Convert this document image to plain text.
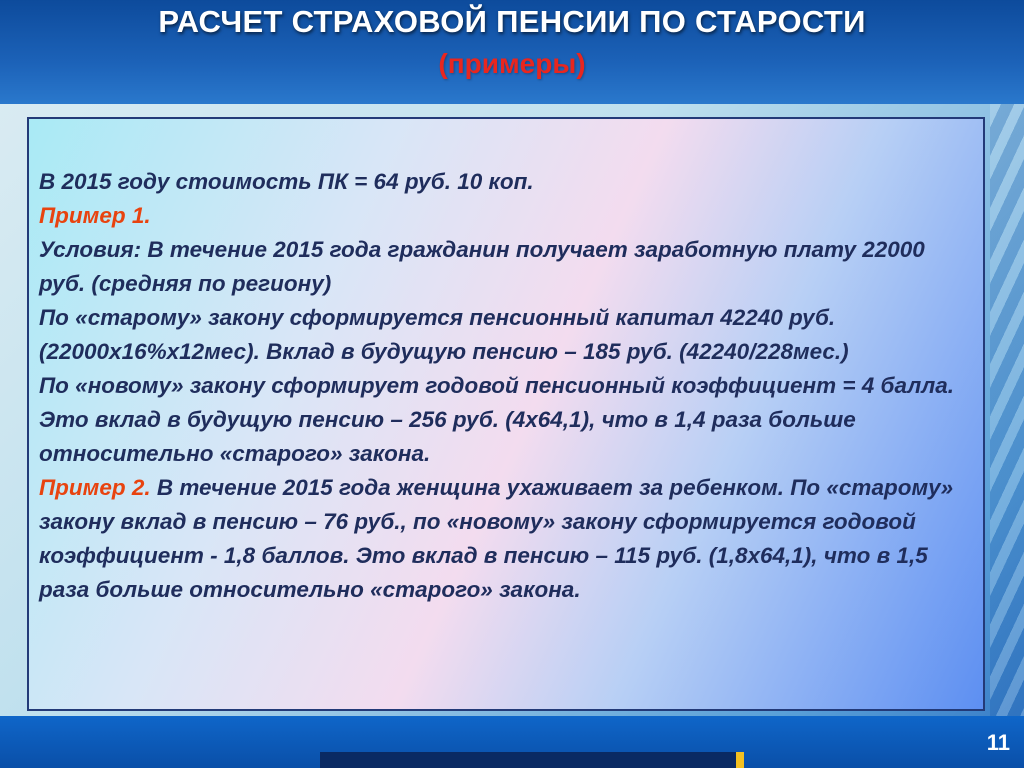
РАСЧЕТ СТРАХОВОЙ ПЕНСИИ ПО СТАРОСТИ
(примеры)

В 2015 году стоимость ПК = 64 руб. 10 коп.

Пример 1.

Условия: В течение 2015 года гражданин получает заработную плату 22000 руб. (средняя по региону)

По «старому» закону сформируется пенсионный капитал 42240 руб.(22000х16%х12мес). Вклад в будущую пенсию – 185 руб. (42240/228мес.)

По «новому» закону сформирует годовой пенсионный коэффициент = 4 балла. Это вклад в будущую пенсию – 256 руб. (4х64,1), что в 1,4 раза больше относительно «старого» закона.

Пример 2. В течение 2015 года женщина ухаживает за ребенком. По «старому» закону вклад в пенсию – 76 руб., по «новому» закону сформируется годовой коэффициент - 1,8 баллов. Это вклад в пенсию – 115 руб. (1,8х64,1), что в 1,5 раза больше относительно «старого» закона.

11
